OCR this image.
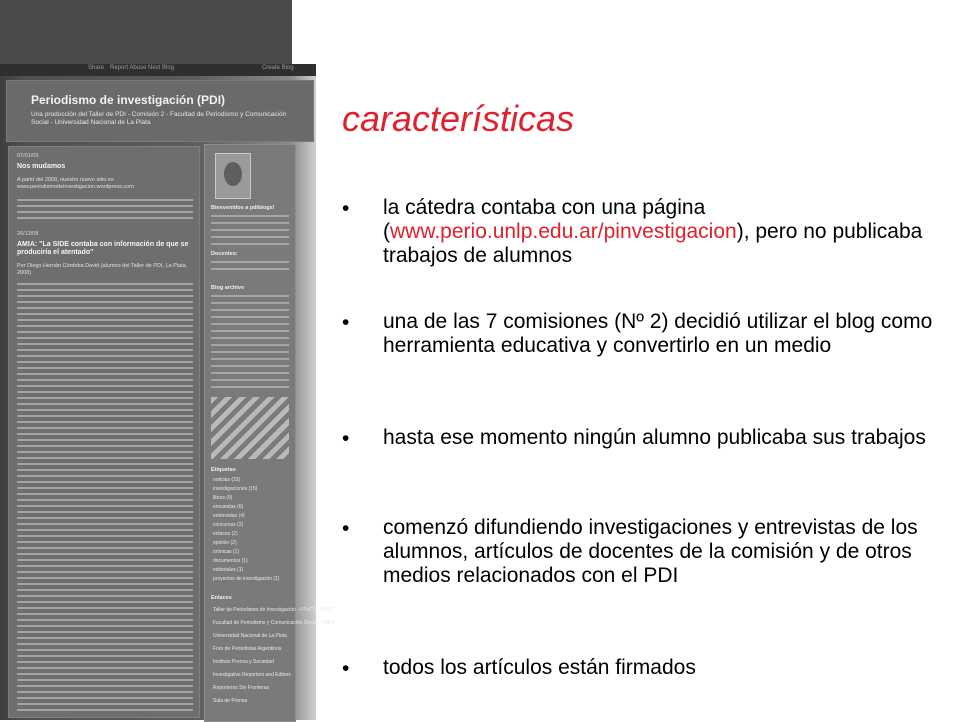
Share Report Abuse Next Blog	Create Blog
Periodismo de investigación (PDI)
Una producción del Taller de PDI - Comisión 2 - Facultad de Periodismo y Comunicación Social - Universidad Nacional de La Plata
07/01/09
Nos mudamos
A partir del 2009, nuestro nuevo sitio es www.periodismodeinvestigacion.wordpress.com
26/12/08
AMIA: "La SIDE contaba con información de que se produciría el atentado"
Por Diego Hernán Córdoba David (alumno del Taller de PDI, La Plata, 2008)
Bienvenidos a pdiblogs!
Docentes:
Blog archive
Etiquetas
noticias (33)
investigaciones (15)
libros (9)
encuestas (6)
entrevistas (4)
concursos (2)
enlaces (2)
opinión (2)
crónicas (1)
documentos (1)
editoriales (1)
proyectos de investigación (1)
Enlaces
Taller de Periodismo de Investigación - FPyCS - UNLP
Facultad de Periodismo y Comunicación Social - UNLP
Universidad Nacional de La Plata
Foro de Periodistas Argentinos
Instituto Prensa y Sociedad
Investigative Reporters and Editors
Reporteros Sin Fronteras
Sala de Prensa
características
• la cátedra contaba con una página (www.perio.unlp.edu.ar/pinvestigacion), pero no publicaba trabajos de alumnos
• una de las 7 comisiones (Nº 2) decidió utilizar el blog como herramienta educativa y convertirlo en un medio
• hasta ese momento ningún alumno publicaba sus trabajos
• comenzó difundiendo investigaciones y entrevistas de los alumnos, artículos de docentes de la comisión y de otros medios relacionados con el PDI
• todos los artículos están firmados
